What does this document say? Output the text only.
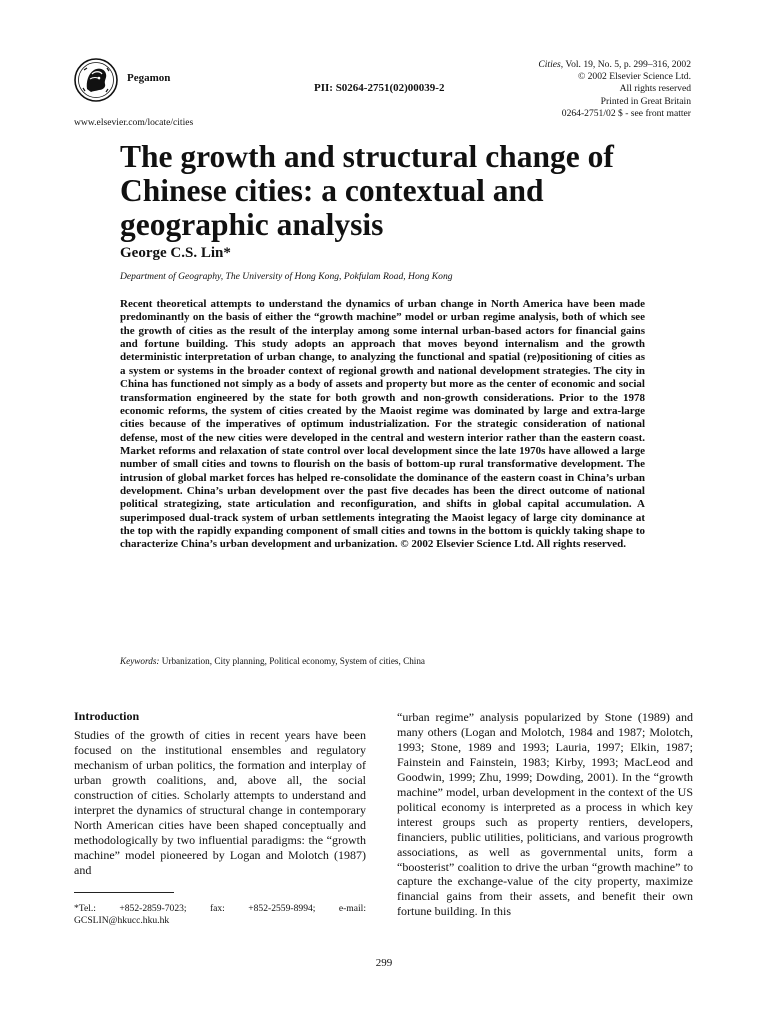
Pegamon
PII: S0264-2751(02)00039-2
Cities, Vol. 19, No. 5, p. 299–316, 2002
© 2002 Elsevier Science Ltd.
All rights reserved
Printed in Great Britain
0264-2751/02 $ - see front matter
www.elsevier.com/locate/cities
The growth and structural change of Chinese cities: a contextual and geographic analysis
George C.S. Lin*
Department of Geography, The University of Hong Kong, Pokfulam Road, Hong Kong

Recent theoretical attempts to understand the dynamics of urban change in North America have been made predominantly on the basis of either the “growth machine” model or urban regime analysis, both of which see the growth of cities as the result of the interplay among some internal urban-based actors for financial gains and fortune building. This study adopts an approach that moves beyond internalism and the growth deterministic interpretation of urban change, to analyzing the functional and spatial (re)positioning of cities as a system or systems in the broader context of regional growth and national development strategies. The city in China has functioned not simply as a body of assets and property but more as the center of economic and social transformation engineered by the state for both growth and non-growth considerations. Prior to the 1978 economic reforms, the system of cities created by the Maoist regime was dominated by large and extra-large cities because of the imperatives of optimum industrialization. For the strategic consideration of national defense, most of the new cities were developed in the central and western interior rather than the eastern coast. Market reforms and relaxation of state control over local development since the late 1970s have allowed a large number of small cities and towns to flourish on the basis of bottom-up rural transformative development. The intrusion of global market forces has helped re-consolidate the dominance of the eastern coast in China’s urban development. China’s urban development over the past five decades has been the direct outcome of national political strategizing, state articulation and reconfiguration, and shifts in global capital accumulation. A superimposed dual-track system of urban settlements integrating the Maoist legacy of large city dominance at the top with the rapidly expanding component of small cities and towns in the bottom is quickly taking shape to characterize China’s urban development and urbanization. © 2002 Elsevier Science Ltd. All rights reserved.

Keywords: Urbanization, City planning, Political economy, System of cities, China
Introduction

Studies of the growth of cities in recent years have been focused on the institutional ensembles and regulatory mechanism of urban politics, the formation and interplay of urban growth coalitions, and, above all, the social construction of cities. Scholarly attempts to understand and interpret the dynamics of structural change in contemporary North American cities have been shaped conceptually and methodologically by two influential paradigms: the “growth machine” model pioneered by Logan and Molotch (1987) and

“urban regime” analysis popularized by Stone (1989) and many others (Logan and Molotch, 1984 and 1987; Molotch, 1993; Stone, 1989 and 1993; Lauria, 1997; Elkin, 1987; Fainstein and Fainstein, 1983; Kirby, 1993; MacLeod and Goodwin, 1999; Zhu, 1999; Dowding, 2001). In the “growth machine” model, urban development in the context of the US political economy is interpreted as a process in which key interest groups such as property rentiers, developers, financiers, public utilities, politicians, and various progrowth associations, as well as governmental units, form a “boosterist” coalition to drive the urban “growth machine” to capture the exchange-value of the city property, maximize financial gains from their assets, and benefit their own fortune building. In this

*Tel.: +852-2859-7023; fax: +852-2559-8994; e-mail:
GCSLIN@hkucc.hku.hk
299
